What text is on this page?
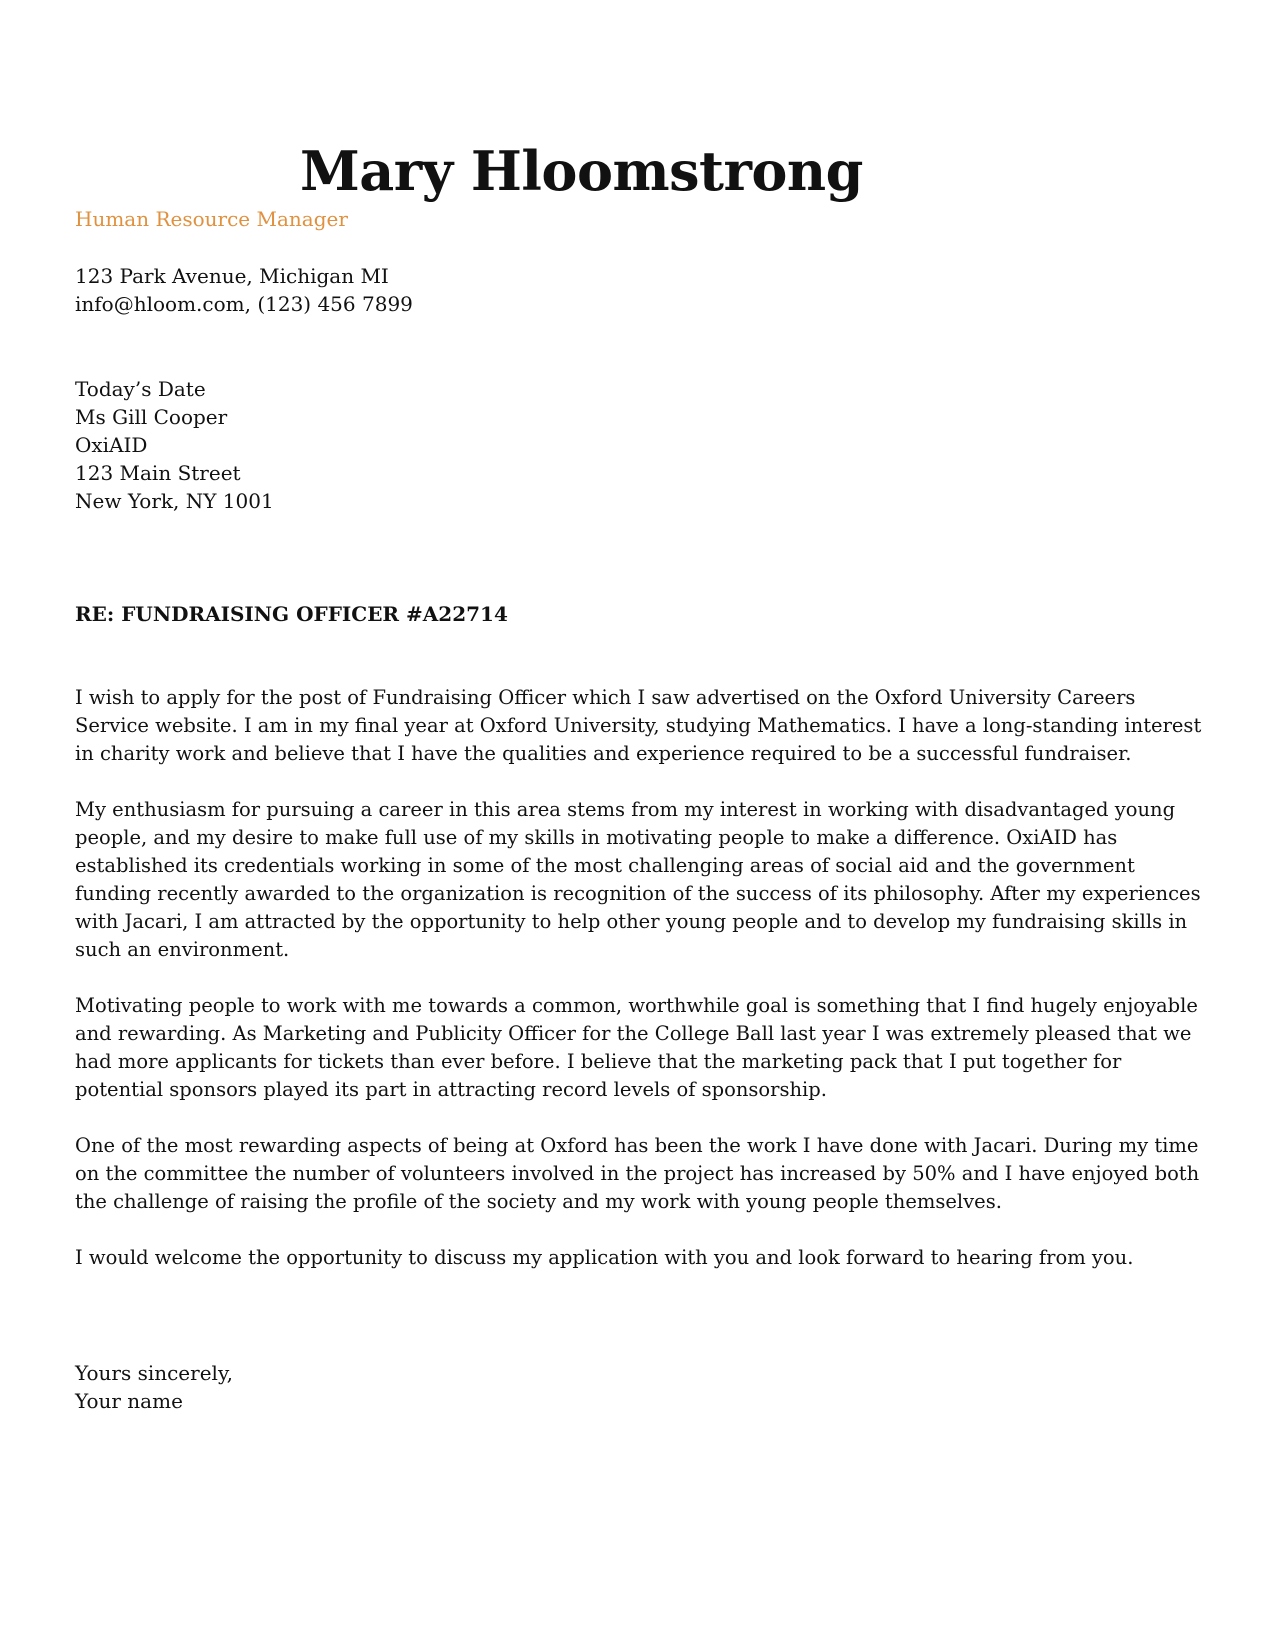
Mary Hloomstrong
Human Resource Manager
123 Park Avenue, Michigan MI
info@hloom.com, (123) 456 7899
Today’s Date
Ms Gill Cooper
OxiAID
123 Main Street
New York, NY 1001
RE: FUNDRAISING OFFICER #A22714

I wish to apply for the post of Fundraising Officer which I saw advertised on the Oxford University Careers Service website. I am in my final year at Oxford University, studying Mathematics. I have a long-standing interest in charity work and believe that I have the qualities and experience required to be a successful fundraiser.

My enthusiasm for pursuing a career in this area stems from my interest in working with disadvantaged young people, and my desire to make full use of my skills in motivating people to make a difference. OxiAID has established its credentials working in some of the most challenging areas of social aid and the government funding recently awarded to the organization is recognition of the success of its philosophy. After my experiences with Jacari, I am attracted by the opportunity to help other young people and to develop my fundraising skills in such an environment.

Motivating people to work with me towards a common, worthwhile goal is something that I find hugely enjoyable and rewarding. As Marketing and Publicity Officer for the College Ball last year I was extremely pleased that we had more applicants for tickets than ever before. I believe that the marketing pack that I put together for potential sponsors played its part in attracting record levels of sponsorship.

One of the most rewarding aspects of being at Oxford has been the work I have done with Jacari. During my time on the committee the number of volunteers involved in the project has increased by 50% and I have enjoyed both the challenge of raising the profile of the society and my work with young people themselves.

I would welcome the opportunity to discuss my application with you and look forward to hearing from you.

Yours sincerely,
Your name
